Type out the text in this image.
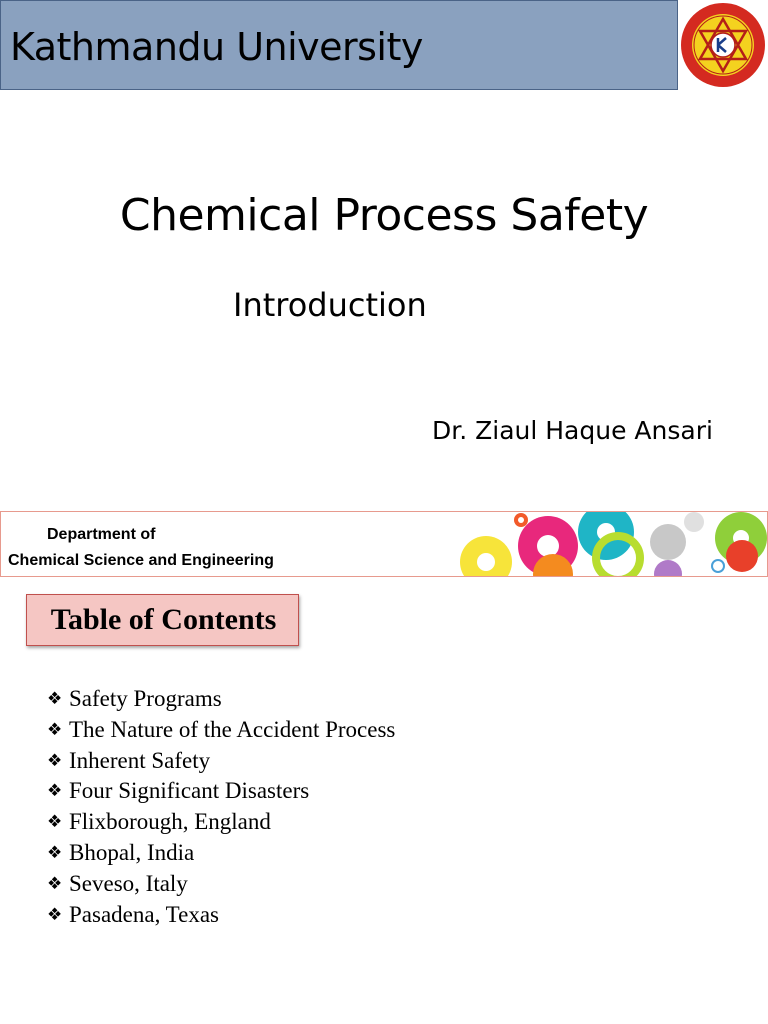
Kathmandu University
Chemical Process Safety
Introduction
Dr. Ziaul Haque Ansari
Department of
Chemical Science and Engineering
Table of Contents
❖ Safety Programs
❖ The Nature of the Accident Process
❖ Inherent Safety
❖ Four Significant Disasters
❖ Flixborough, England
❖ Bhopal, India
❖ Seveso, Italy
❖ Pasadena, Texas
